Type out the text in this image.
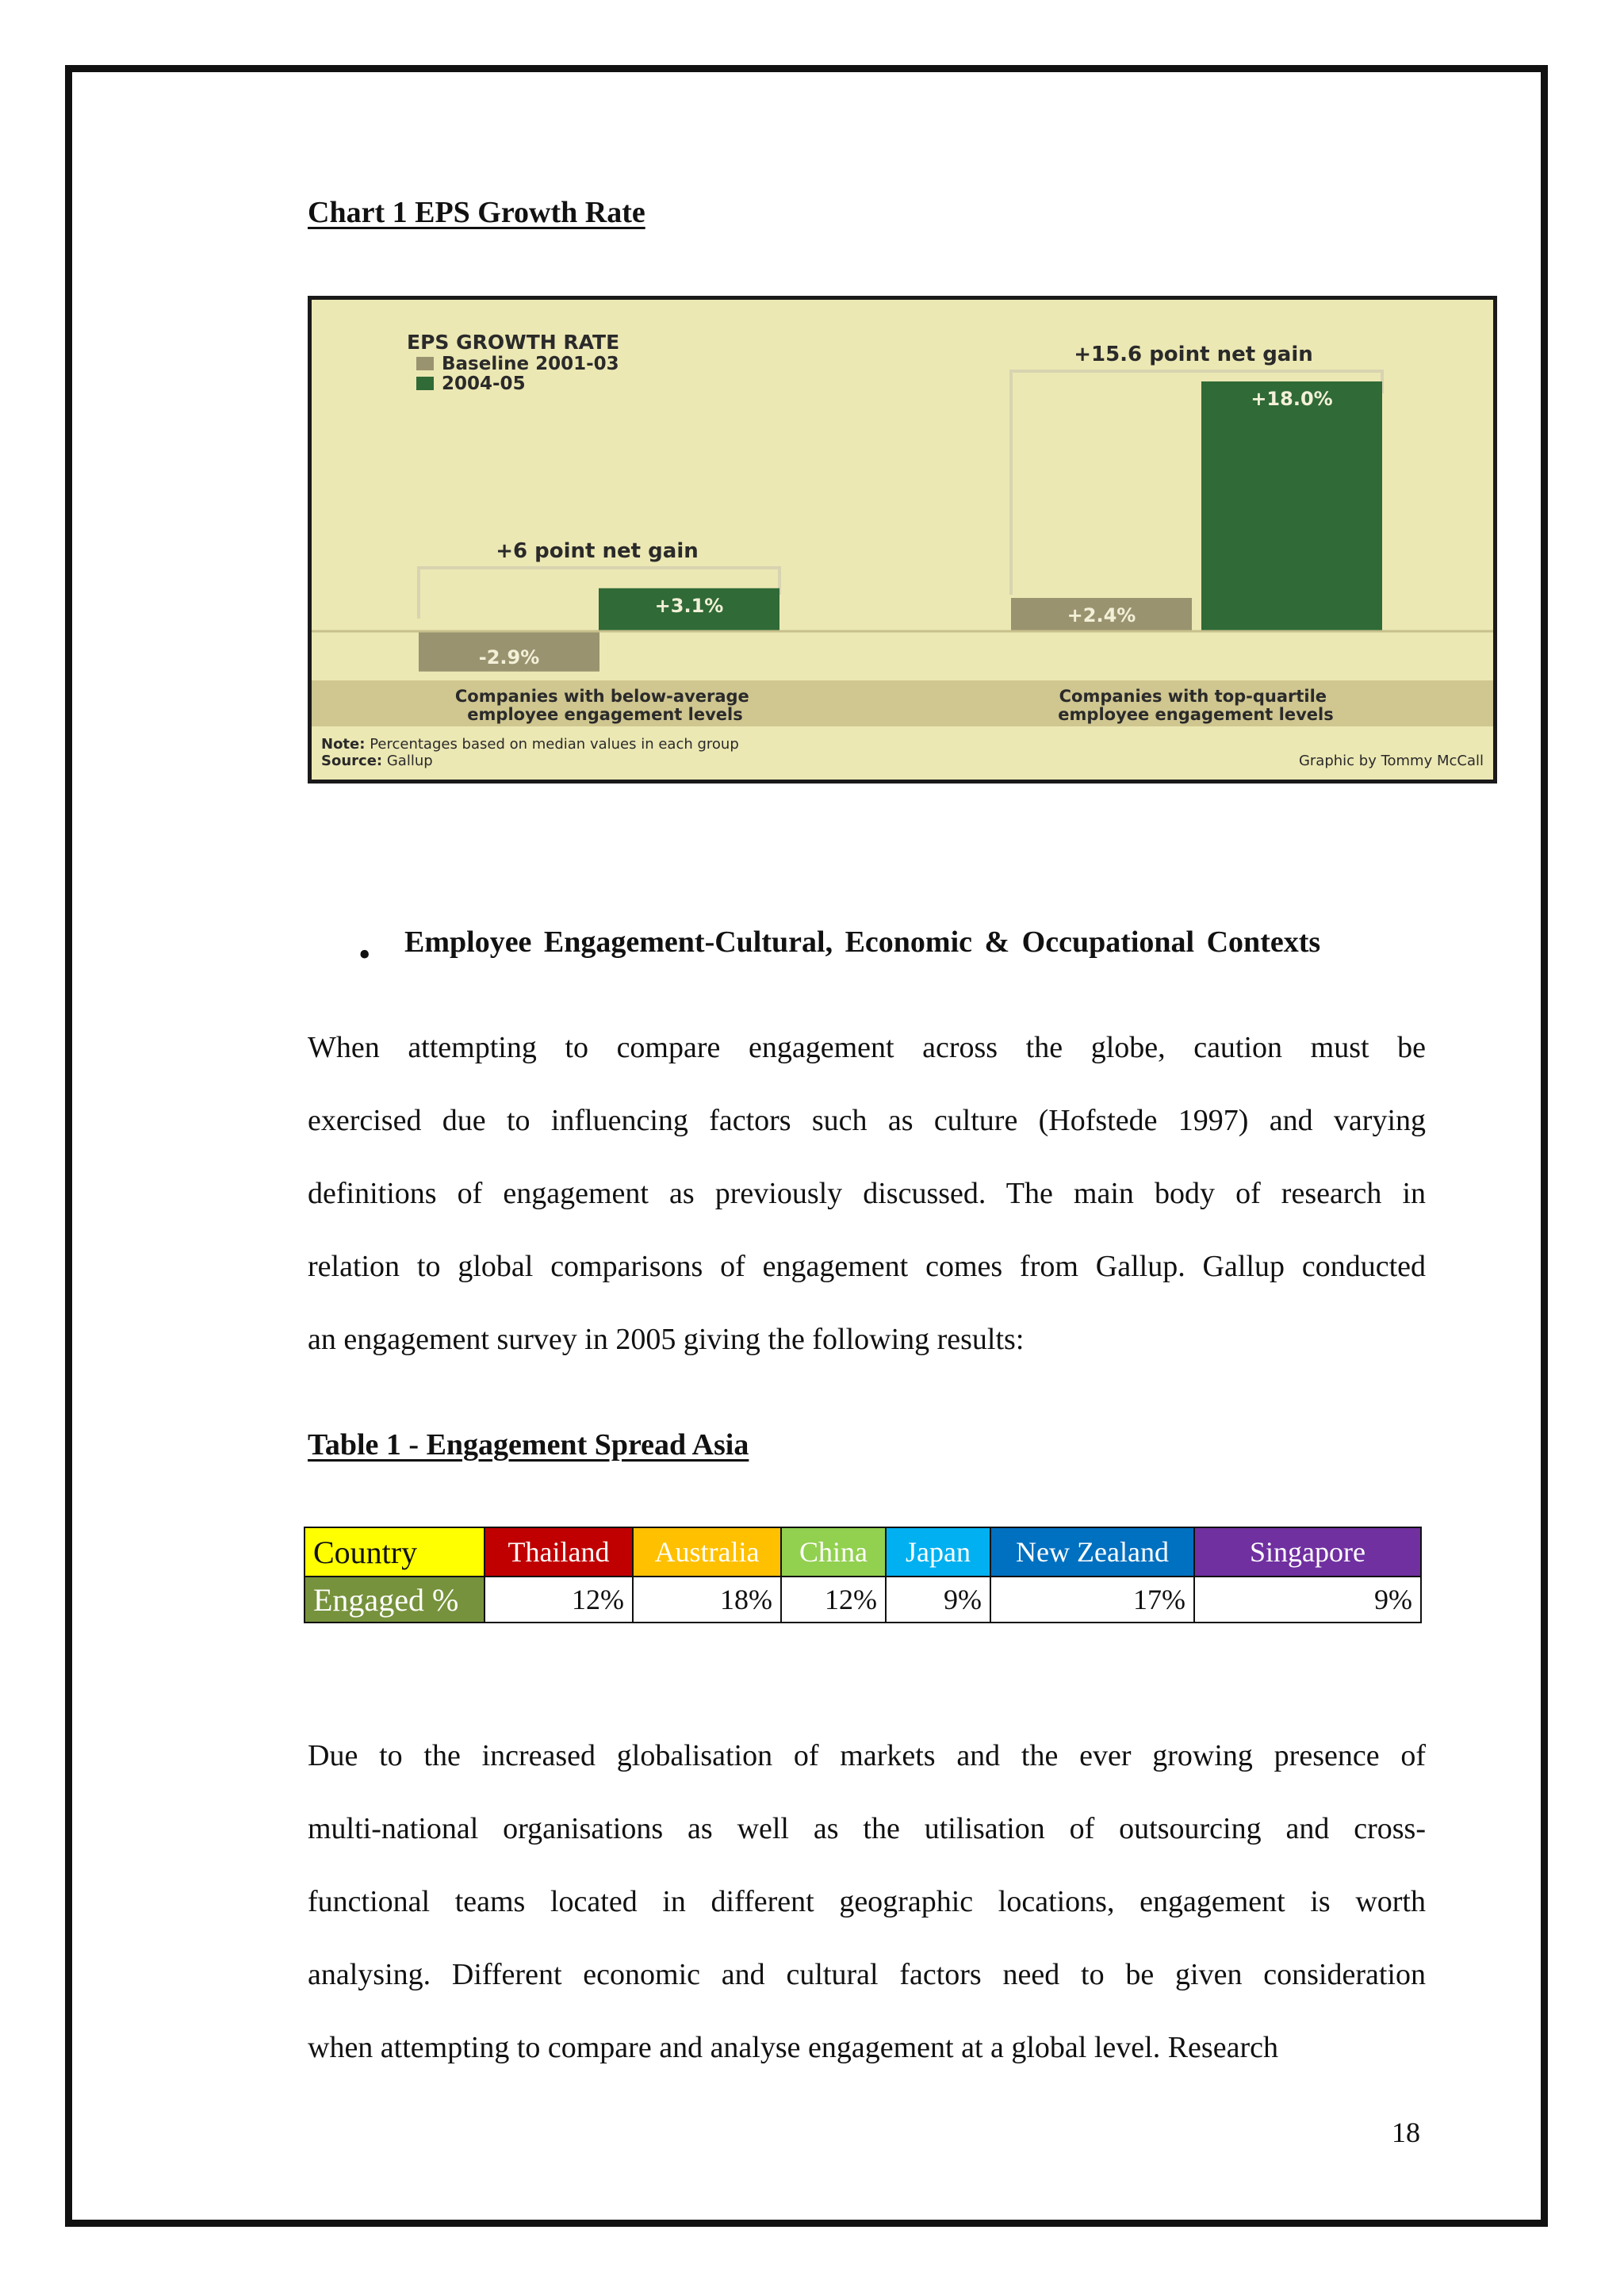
Chart 1 EPS Growth Rate
EPS GROWTH RATE
Baseline 2001-03
2004-05
+6 point net gain
+15.6 point net gain
-2.9%
+3.1%	+2.4%
+18.0%
Companies with below-average employee engagement levels
Companies with top-quartile employee engagement levels
Note: Percentages based on median values in each group
Source: Gallup	Graphic by Tommy McCall
• Employee Engagement-Cultural, Economic & Occupational Contexts
When attempting to compare engagement across the globe, caution must be
exercised due to influencing factors such as culture (Hofstede 1997) and varying
definitions of engagement as previously discussed. The main body of research in
relation to global comparisons of engagement comes from Gallup. Gallup conducted
an engagement survey in 2005 giving the following results:
Table 1 - Engagement Spread Asia
Country	Thailand	Australia	China	Japan	New Zealand	Singapore
Engaged %	12%	18%	12%	9%	17%	9%
Due to the increased globalisation of markets and the ever growing presence of
multi-national organisations as well as the utilisation of outsourcing and cross-
functional teams located in different geographic locations, engagement is worth
analysing. Different economic and cultural factors need to be given consideration
when attempting to compare and analyse engagement at a global level. Research
18
